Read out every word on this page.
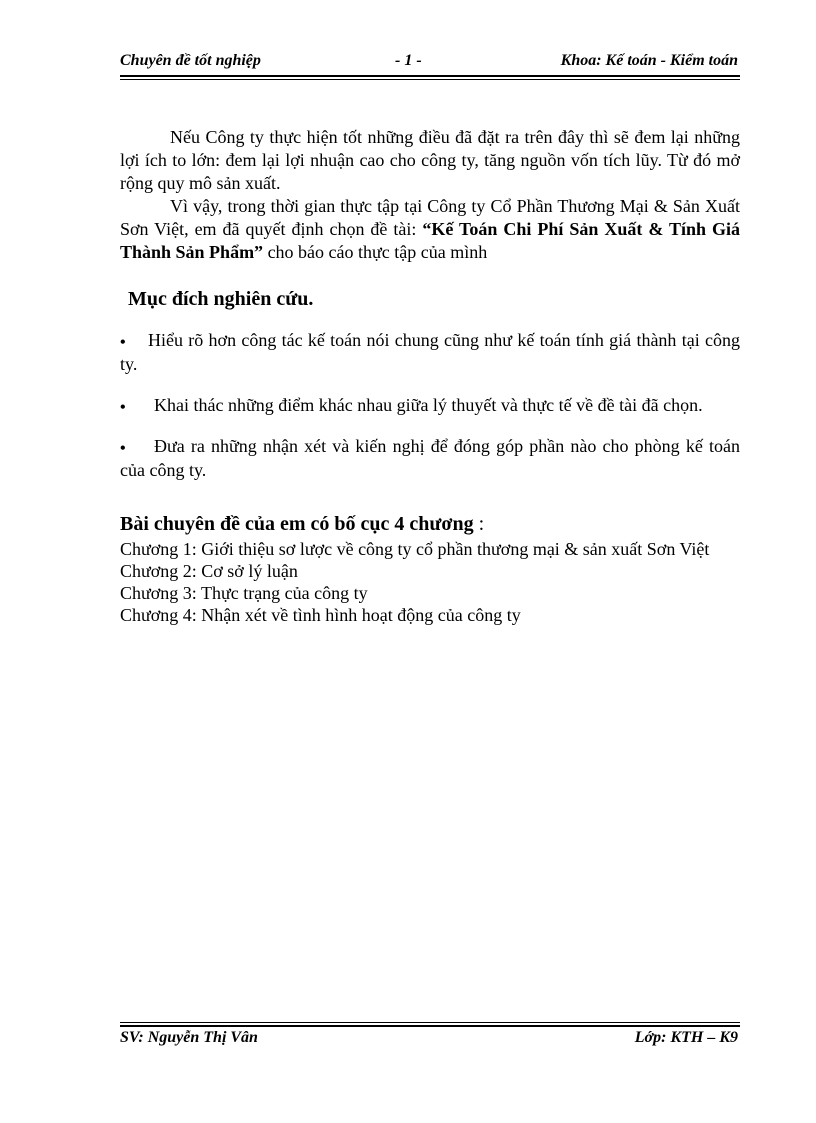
Chuyên đề tốt nghiệp	- 1 -	Khoa: Kế toán - Kiểm toán
Nếu Công ty thực hiện tốt những điều đã đặt ra trên đây thì sẽ đem lại những lợi ích to lớn: đem lại lợi nhuận cao cho công ty, tăng nguồn vốn tích lũy. Từ đó mở rộng quy mô sản xuất.
Vì vậy, trong thời gian thực tập tại Công ty Cổ Phần Thương Mại & Sản Xuất Sơn Việt, em đã quyết định chọn đề tài: “Kế Toán Chi Phí Sản Xuất & Tính Giá Thành Sản Phẩm” cho báo cáo thực tập của mình
Mục đích nghiên cứu.
•	Hiểu rõ hơn công tác kế toán nói chung cũng như kế toán tính giá thành tại công ty.
•	Khai thác những điểm khác nhau giữa lý thuyết và thực tế về đề tài đã chọn.
•	Đưa ra những nhận xét và kiến nghị để đóng góp phần nào cho phòng kế toán của công ty.
Bài chuyên đề của em có bố cục 4 chương :
Chương 1: Giới thiệu sơ lược về công ty cổ phần thương mại & sản xuất Sơn Việt
Chương 2: Cơ sở lý luận
Chương 3: Thực trạng của công ty
Chương 4: Nhận xét về tình hình hoạt động của công ty
SV: Nguyễn Thị Vân	Lớp: KTH – K9
